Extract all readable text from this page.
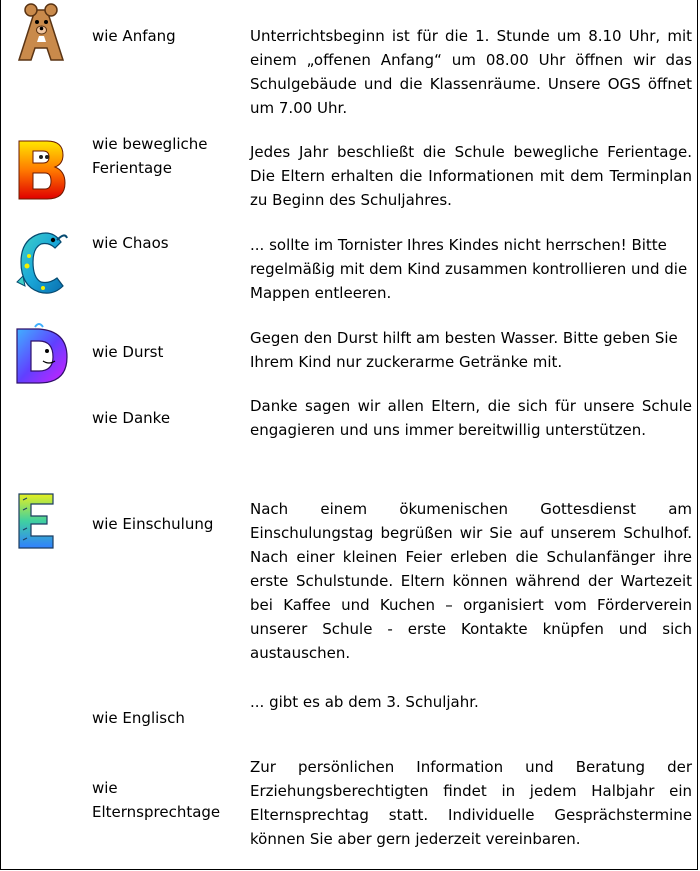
wie Anfang	Unterrichtsbeginn ist für die 1. Stunde um 8.10 Uhr, mit einem „offenen Anfang“ um 08.00 Uhr öffnen wir das Schulgebäude und die Klassenräume. Unsere OGS öffnet um 7.00 Uhr.
wie bewegliche Ferientage
Jedes Jahr beschließt die Schule bewegliche Ferientage. Die Eltern erhalten die Informationen mit dem Terminplan zu Beginn des Schuljahres.
wie Chaos	... sollte im Tornister Ihres Kindes nicht herrschen! Bitte regelmäßig mit dem Kind zusammen kontrollieren und die Mappen entleeren.
wie Durst
Gegen den Durst hilft am besten Wasser. Bitte geben Sie Ihrem Kind nur zuckerarme Getränke mit.
wie Danke
Danke sagen wir allen Eltern, die sich für unsere Schule engagieren und uns immer bereitwillig unterstützen.
wie Einschulung
Nach einem ökumenischen Gottesdienst am Einschulungstag begrüßen wir Sie auf unserem Schulhof. Nach einer kleinen Feier erleben die Schulanfänger ihre erste Schulstunde. Eltern können während der Wartezeit bei Kaffee und Kuchen – organisiert vom Förderverein unserer Schule - erste Kontakte knüpfen und sich austauschen.
wie Englisch
... gibt es ab dem 3. Schuljahr.
wie Elternsprechtage
Zur persönlichen Information und Beratung der Erziehungsberechtigten findet in jedem Halbjahr ein Elternsprechtag statt. Individuelle Gesprächstermine können Sie aber gern jederzeit vereinbaren.
